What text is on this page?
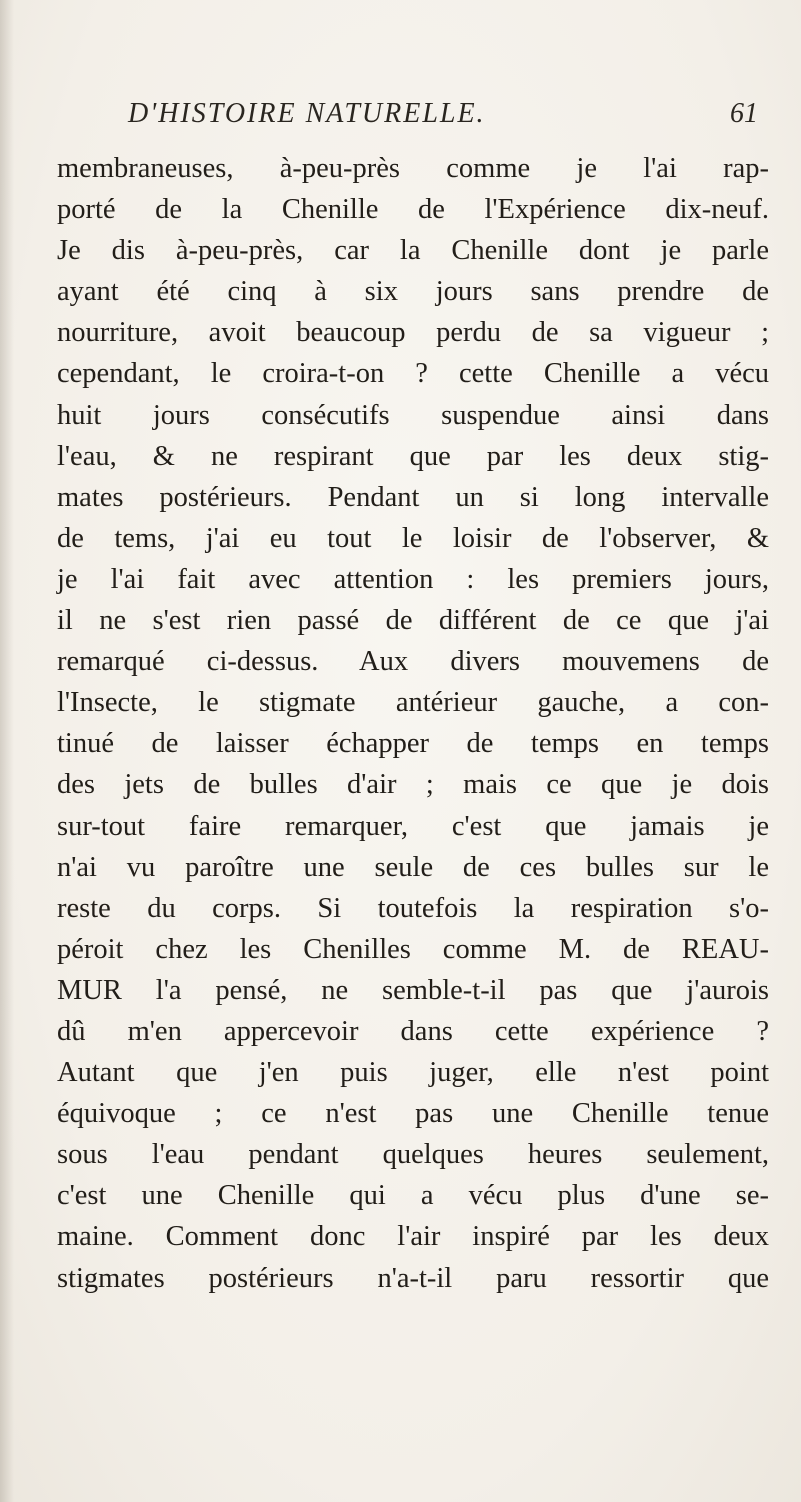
D'HISTOIRE NATURELLE.	61
membraneuses, à-peu-près comme je l'ai rap-
porté de la Chenille de l'Expérience dix-neuf.
Je dis à-peu-près, car la Chenille dont je parle
ayant été cinq à six jours sans prendre de
nourriture, avoit beaucoup perdu de sa vigueur ;
cependant, le croira-t-on ? cette Chenille a vécu
huit jours consécutifs suspendue ainsi dans
l'eau, & ne respirant que par les deux stig-
mates postérieurs. Pendant un si long intervalle
de tems, j'ai eu tout le loisir de l'observer, &
je l'ai fait avec attention : les premiers jours,
il ne s'est rien passé de différent de ce que j'ai
remarqué ci-dessus. Aux divers mouvemens de
l'Insecte, le stigmate antérieur gauche, a con-
tinué de laisser échapper de temps en temps
des jets de bulles d'air ; mais ce que je dois
sur-tout faire remarquer, c'est que jamais je
n'ai vu paroître une seule de ces bulles sur le
reste du corps. Si toutefois la respiration s'o-
péroit chez les Chenilles comme M. de REAU-
MUR l'a pensé, ne semble-t-il pas que j'aurois
dû m'en appercevoir dans cette expérience ?
Autant que j'en puis juger, elle n'est point
équivoque ; ce n'est pas une Chenille tenue
sous l'eau pendant quelques heures seulement,
c'est une Chenille qui a vécu plus d'une se-
maine. Comment donc l'air inspiré par les deux
stigmates postérieurs n'a-t-il paru ressortir que
